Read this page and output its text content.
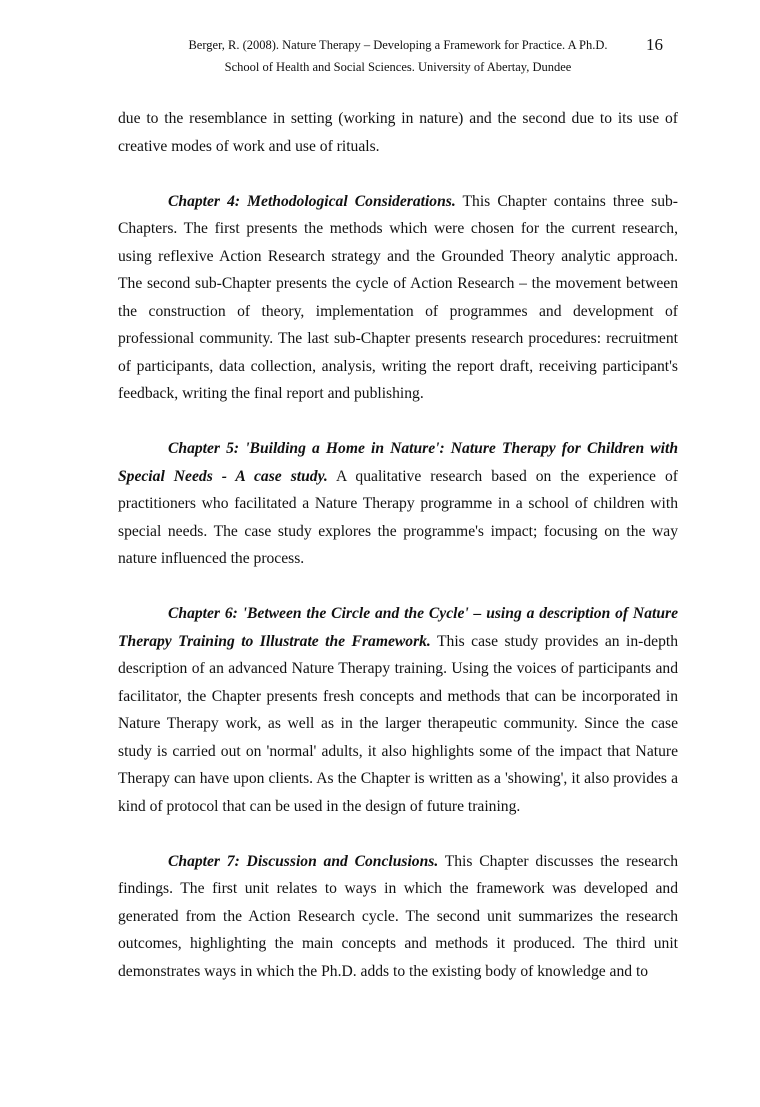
Berger, R. (2008). Nature Therapy – Developing a Framework for Practice. A Ph.D.
School of Health and Social Sciences. University of Abertay, Dundee
16

due to the resemblance in setting (working in nature) and the second due to its use of creative modes of work and use of rituals.

Chapter 4: Methodological Considerations. This Chapter contains three sub-Chapters. The first presents the methods which were chosen for the current research, using reflexive Action Research strategy and the Grounded Theory analytic approach. The second sub-Chapter presents the cycle of Action Research – the movement between the construction of theory, implementation of programmes and development of professional community. The last sub-Chapter presents research procedures: recruitment of participants, data collection, analysis, writing the report draft, receiving participant's feedback, writing the final report and publishing.

Chapter 5: 'Building a Home in Nature': Nature Therapy for Children with Special Needs - A case study. A qualitative research based on the experience of practitioners who facilitated a Nature Therapy programme in a school of children with special needs. The case study explores the programme's impact; focusing on the way nature influenced the process.

Chapter 6: 'Between the Circle and the Cycle' – using a description of Nature Therapy Training to Illustrate the Framework. This case study provides an in-depth description of an advanced Nature Therapy training. Using the voices of participants and facilitator, the Chapter presents fresh concepts and methods that can be incorporated in Nature Therapy work, as well as in the larger therapeutic community. Since the case study is carried out on 'normal' adults, it also highlights some of the impact that Nature Therapy can have upon clients. As the Chapter is written as a 'showing', it also provides a kind of protocol that can be used in the design of future training.

Chapter 7: Discussion and Conclusions. This Chapter discusses the research findings. The first unit relates to ways in which the framework was developed and generated from the Action Research cycle. The second unit summarizes the research outcomes, highlighting the main concepts and methods it produced. The third unit demonstrates ways in which the Ph.D. adds to the existing body of knowledge and to
